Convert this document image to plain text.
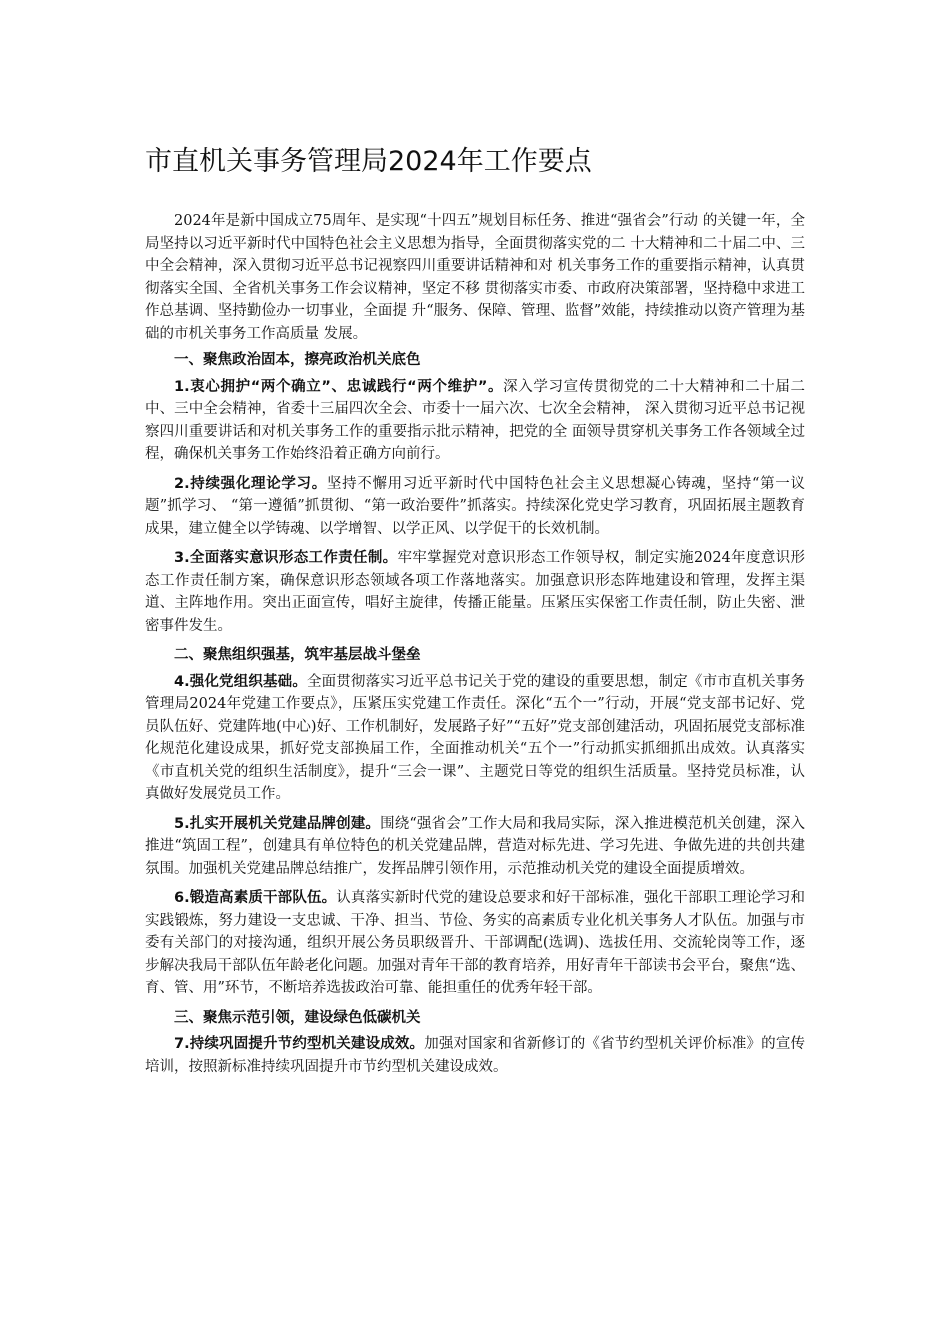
市直机关事务管理局2024年工作要点

2024年是新中国成立75周年、是实现“十四五”规划目标任务、推进“强省会”行动 的关键一年，全局坚持以习近平新时代中国特色社会主义思想为指导，全面贯彻落实党的二 十大精神和二十届二中、三中全会精神，深入贯彻习近平总书记视察四川重要讲话精神和对 机关事务工作的重要指示精神，认真贯彻落实全国、全省机关事务工作会议精神，坚定不移 贯彻落实市委、市政府决策部署，坚持稳中求进工作总基调、坚持勤俭办一切事业，全面提 升“服务、保障、管理、监督”效能，持续推动以资产管理为基础的市机关事务工作高质量 发展。

一、聚焦政治固本，擦亮政治机关底色

1.衷心拥护“两个确立”、忠诚践行“两个维护”。深入学习宣传贯彻党的二十大精神和二十届二中、三中全会精神，省委十三届四次全会、市委十一届六次、七次全会精神， 深入贯彻习近平总书记视察四川重要讲话和对机关事务工作的重要指示批示精神，把党的全 面领导贯穿机关事务工作各领域全过程，确保机关事务工作始终沿着正确方向前行。

2.持续强化理论学习。坚持不懈用习近平新时代中国特色社会主义思想凝心铸魂，坚持“第一议题”抓学习、 “第一遵循”抓贯彻、“第一政治要件”抓落实。持续深化党史学习教育，巩固拓展主题教育成果，建立健全以学铸魂、以学增智、以学正风、以学促干的长效机制。

3.全面落实意识形态工作责任制。牢牢掌握党对意识形态工作领导权，制定实施2024年度意识形态工作责任制方案，确保意识形态领域各项工作落地落实。加强意识形态阵地建设和管理，发挥主渠道、主阵地作用。突出正面宣传，唱好主旋律，传播正能量。压紧压实保密工作责任制，防止失密、泄密事件发生。

二、聚焦组织强基，筑牢基层战斗堡垒

4.强化党组织基础。全面贯彻落实习近平总书记关于党的建设的重要思想，制定《市市直机关事务管理局2024年党建工作要点》，压紧压实党建工作责任。深化“五个一”行动，开展“党支部书记好、党员队伍好、党建阵地(中心)好、工作机制好，发展路子好”“五好”党支部创建活动，巩固拓展党支部标准化规范化建设成果，抓好党支部换届工作，全面推动机关“五个一”行动抓实抓细抓出成效。认真落实《市直机关党的组织生活制度》，提升“三会一课”、主题党日等党的组织生活质量。坚持党员标准，认真做好发展党员工作。

5.扎实开展机关党建品牌创建。围绕“强省会”工作大局和我局实际，深入推进模范机关创建，深入推进“筑固工程”，创建具有单位特色的机关党建品牌，营造对标先进、学习先进、争做先进的共创共建氛围。加强机关党建品牌总结推广，发挥品牌引领作用，示范推动机关党的建设全面提质增效。

6.锻造高素质干部队伍。认真落实新时代党的建设总要求和好干部标准，强化干部职工理论学习和实践锻炼，努力建设一支忠诚、干净、担当、节俭、务实的高素质专业化机关事务人才队伍。加强与市委有关部门的对接沟通，组织开展公务员职级晋升、干部调配(选调)、选拔任用、交流轮岗等工作，逐步解决我局干部队伍年龄老化问题。加强对青年干部的教育培养，用好青年干部读书会平台，聚焦“选、育、管、用”环节，不断培养选拔政治可靠、能担重任的优秀年轻干部。

三、聚焦示范引领，建设绿色低碳机关

7.持续巩固提升节约型机关建设成效。加强对国家和省新修订的《省节约型机关评价标准》的宣传培训，按照新标准持续巩固提升市节约型机关建设成效。
